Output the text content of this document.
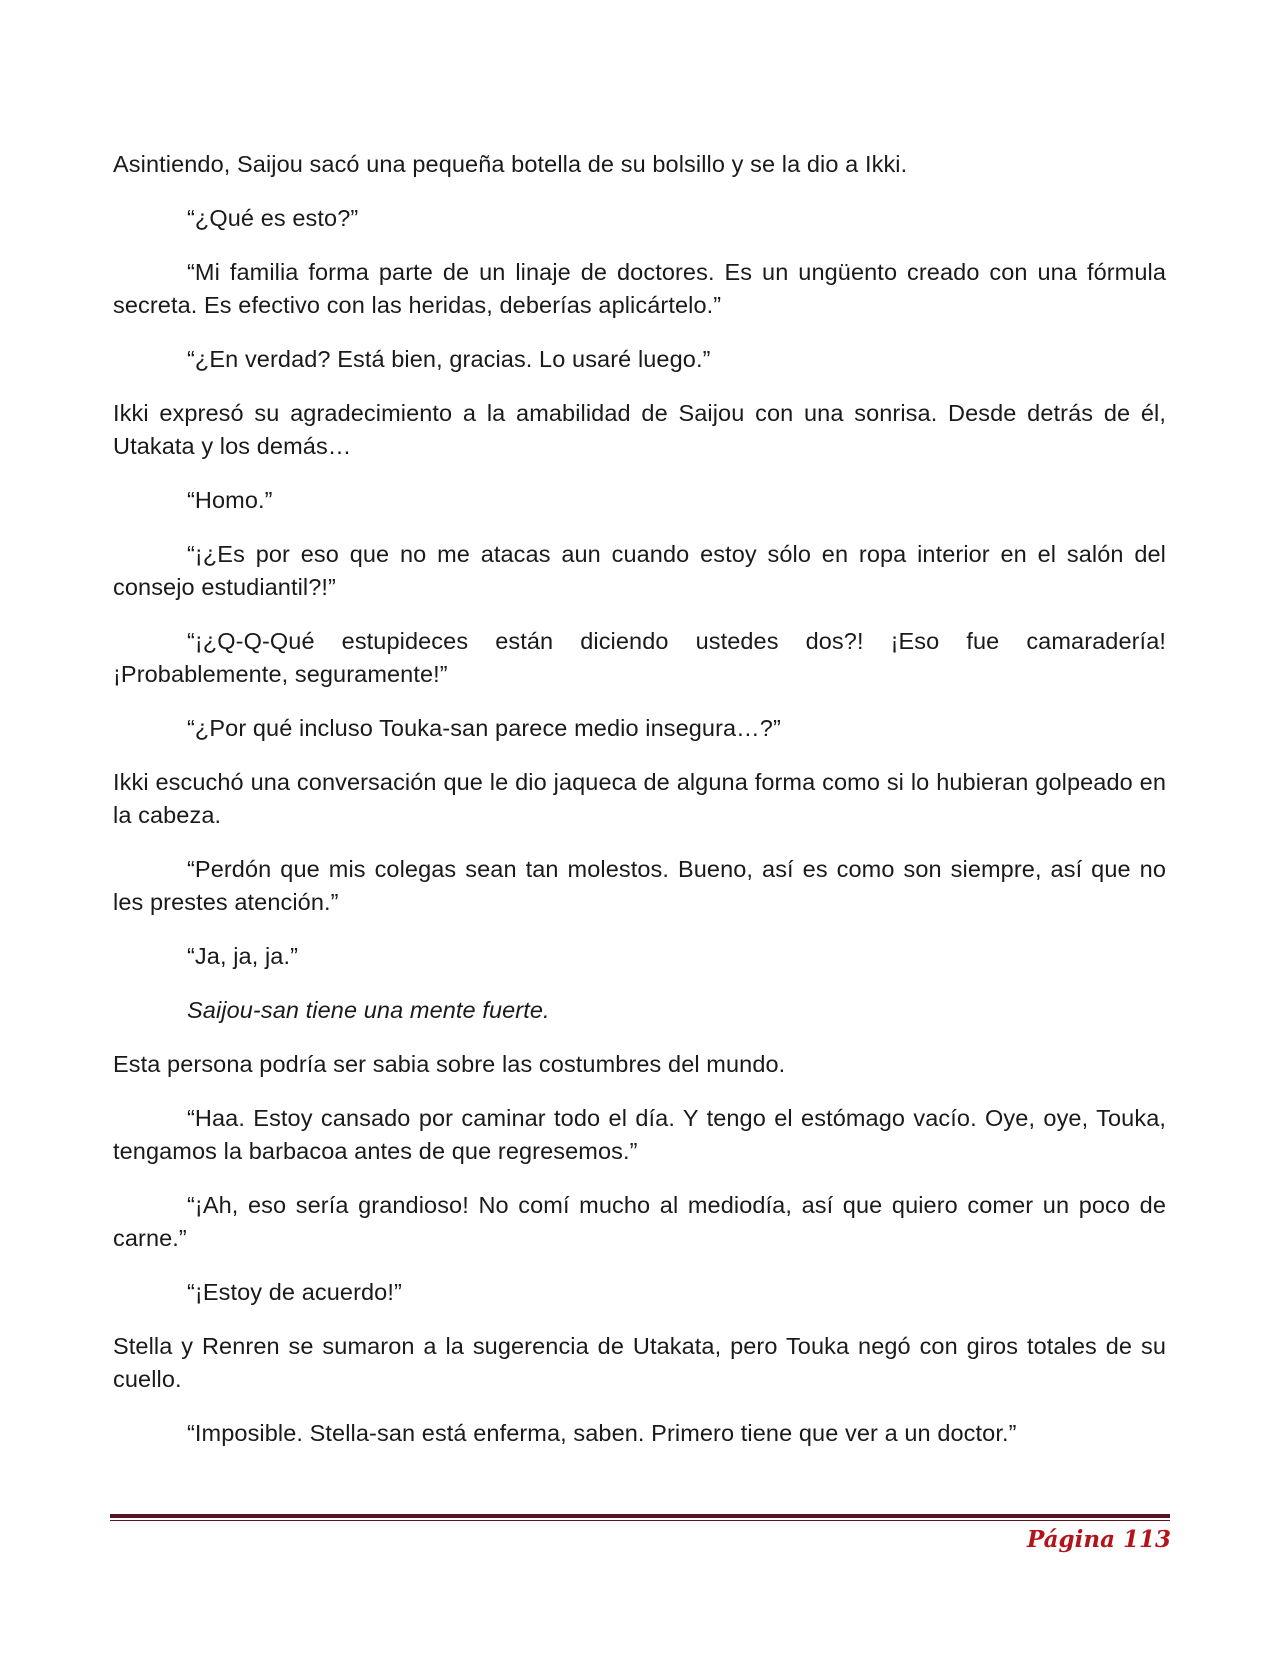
Asintiendo, Saijou sacó una pequeña botella de su bolsillo y se la dio a Ikki.

“¿Qué es esto?”

“Mi familia forma parte de un linaje de doctores. Es un ungüento creado con una fórmula secreta. Es efectivo con las heridas, deberías aplicártelo.”

“¿En verdad? Está bien, gracias. Lo usaré luego.”

Ikki expresó su agradecimiento a la amabilidad de Saijou con una sonrisa. Desde detrás de él, Utakata y los demás…

“Homo.”

“¡¿Es por eso que no me atacas aun cuando estoy sólo en ropa interior en el salón del consejo estudiantil?!”

“¡¿Q-Q-Qué estupideces están diciendo ustedes dos?! ¡Eso fue camaradería! ¡Probablemente, seguramente!”

“¿Por qué incluso Touka-san parece medio insegura…?”

Ikki escuchó una conversación que le dio jaqueca de alguna forma como si lo hubieran golpeado en la cabeza.

“Perdón que mis colegas sean tan molestos. Bueno, así es como son siempre, así que no les prestes atención.”

“Ja, ja, ja.”

Saijou-san tiene una mente fuerte.

Esta persona podría ser sabia sobre las costumbres del mundo.

“Haa. Estoy cansado por caminar todo el día. Y tengo el estómago vacío. Oye, oye, Touka, tengamos la barbacoa antes de que regresemos.”

“¡Ah, eso sería grandioso! No comí mucho al mediodía, así que quiero comer un poco de carne.”

“¡Estoy de acuerdo!”

Stella y Renren se sumaron a la sugerencia de Utakata, pero Touka negó con giros totales de su cuello.

“Imposible. Stella-san está enferma, saben. Primero tiene que ver a un doctor.”

Página 113
